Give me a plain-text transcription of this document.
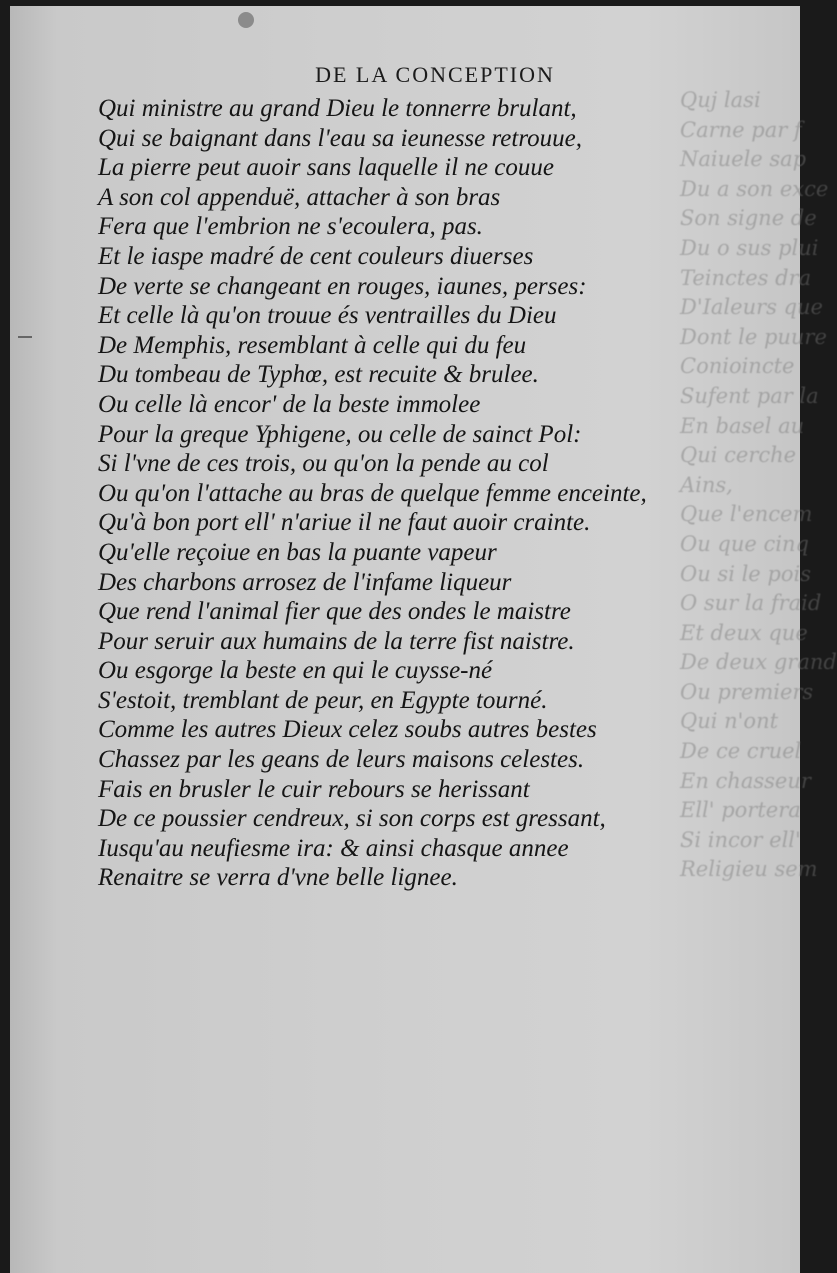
Quj lasi
Carne par f
Naiuele sap
Du a son exce
Son signe de
Du o sus plui
Teinctes dra
D'Ialeurs que
Dont le puure
Conioincte
Sufent par la
En basel au
Qui cerche
Ains,
Que l'encem
Ou que cinq
Ou si le pois
O sur la fraid
Et deux que
De deux grand
Ou premiers
Qui n'ont
De ce cruel
En chasseur
Ell' portera
Si incor ell'
Religieu sem
DE LA CONCEPTION
Qui ministre au grand Dieu le tonnerre brulant,
Qui se baignant dans l'eau sa ieunesse retrouue,
La pierre peut auoir sans laquelle il ne couue
A son col appenduë, attacher à son bras
Fera que l'embrion ne s'ecoulera, pas.
Et le iaspe madré de cent couleurs diuerses
De verte se changeant en rouges, iaunes, perses:
Et celle là qu'on trouue és ventrailles du Dieu
De Memphis, resemblant à celle qui du feu
Du tombeau de Typhœ, est recuite & brulee.
Ou celle là encor' de la beste immolee
Pour la greque Yphigene, ou celle de sainct Pol:
Si l'vne de ces trois, ou qu'on la pende au col
Ou qu'on l'attache au bras de quelque femme enceinte,
Qu'à bon port ell' n'ariue il ne faut auoir crainte.
Qu'elle reçoiue en bas la puante vapeur
Des charbons arrosez de l'infame liqueur
Que rend l'animal fier que des ondes le maistre
Pour seruir aux humains de la terre fist naistre.
Ou esgorge la beste en qui le cuysse-né
S'estoit, tremblant de peur, en Egypte tourné.
Comme les autres Dieux celez soubs autres bestes
Chassez par les geans de leurs maisons celestes.
Fais en brusler le cuir rebours se herissant
De ce poussier cendreux, si son corps est gressant,
Iusqu'au neufiesme ira: & ainsi chasque annee
Renaitre se verra d'vne belle lignee.
